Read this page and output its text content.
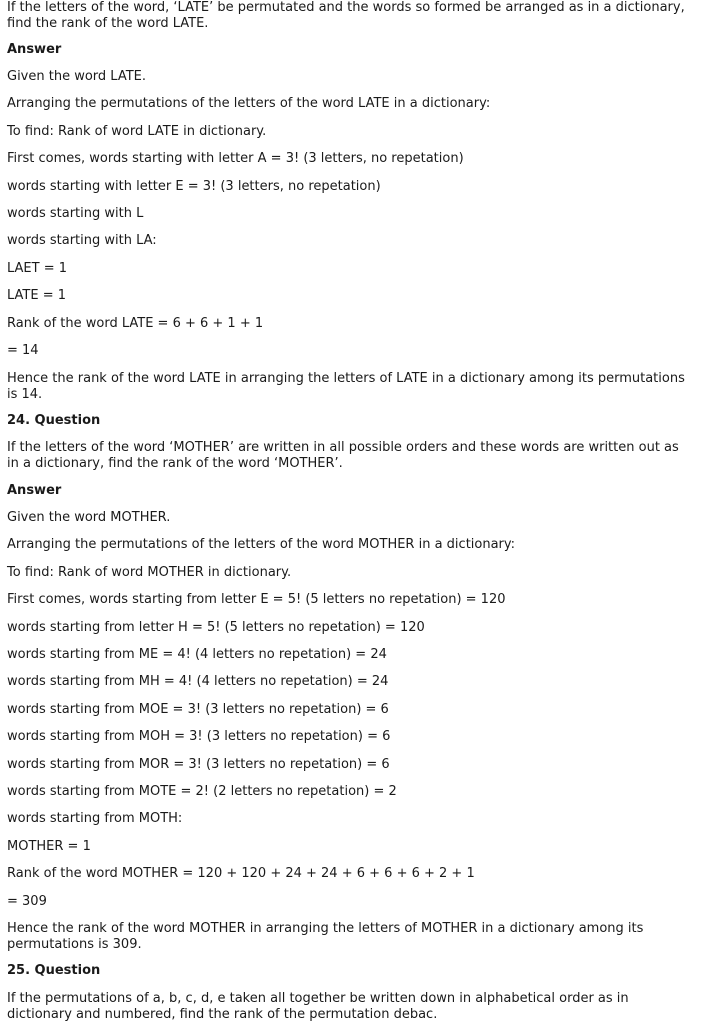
If the letters of the word, ‘LATE’ be permutated and the words so formed be arranged as in a dictionary, find the rank of the word LATE.
Answer
Given the word LATE.
Arranging the permutations of the letters of the word LATE in a dictionary:
To find: Rank of word LATE in dictionary.
First comes, words starting with letter A = 3! (3 letters, no repetation)
words starting with letter E = 3! (3 letters, no repetation)
words starting with L
words starting with LA:
LAET = 1
LATE = 1
Rank of the word LATE = 6 + 6 + 1 + 1
= 14
Hence the rank of the word LATE in arranging the letters of LATE in a dictionary among its permutations is 14.
24. Question
If the letters of the word ‘MOTHER’ are written in all possible orders and these words are written out as in a dictionary, find the rank of the word ‘MOTHER’.
Answer
Given the word MOTHER.
Arranging the permutations of the letters of the word MOTHER in a dictionary:
To find: Rank of word MOTHER in dictionary.
First comes, words starting from letter E = 5! (5 letters no repetation) = 120
words starting from letter H = 5! (5 letters no repetation) = 120
words starting from ME = 4! (4 letters no repetation) = 24
words starting from MH = 4! (4 letters no repetation) = 24
words starting from MOE = 3! (3 letters no repetation) = 6
words starting from MOH = 3! (3 letters no repetation) = 6
words starting from MOR = 3! (3 letters no repetation) = 6
words starting from MOTE = 2! (2 letters no repetation) = 2
words starting from MOTH:
MOTHER = 1
Rank of the word MOTHER = 120 + 120 + 24 + 24 + 6 + 6 + 6 + 2 + 1
= 309
Hence the rank of the word MOTHER in arranging the letters of MOTHER in a dictionary among its permutations is 309.
25. Question
If the permutations of a, b, c, d, e taken all together be written down in alphabetical order as in dictionary and numbered, find the rank of the permutation debac.
